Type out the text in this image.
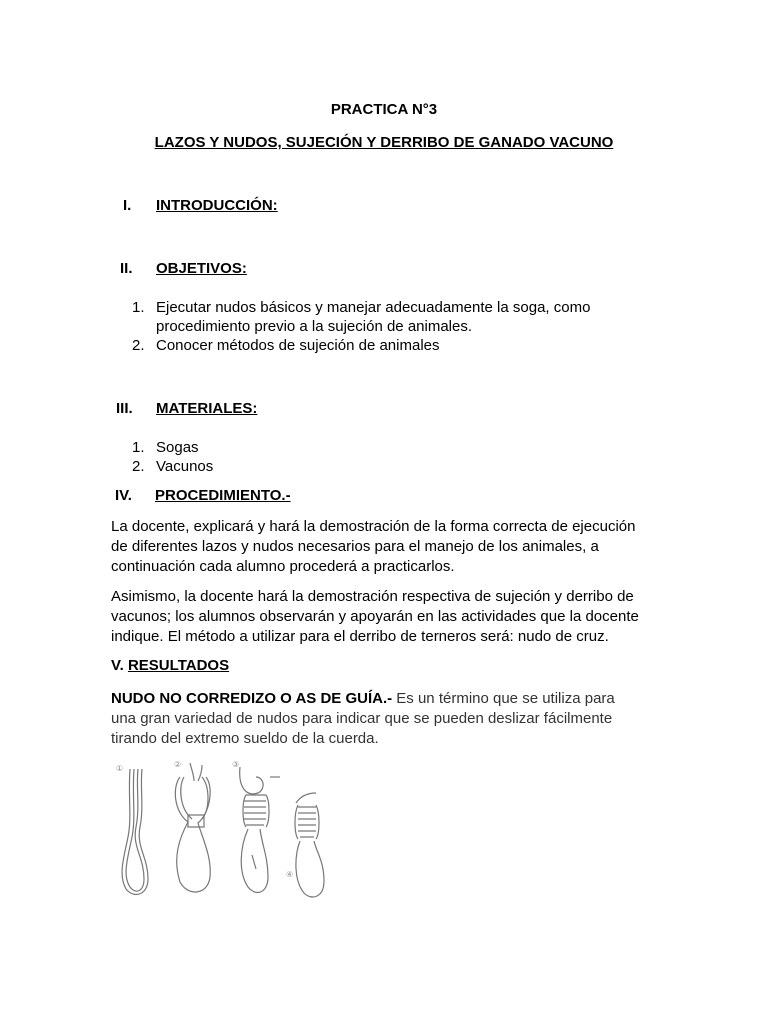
PRACTICA N°3
LAZOS Y NUDOS, SUJECIÓN Y DERRIBO DE GANADO VACUNO
I. INTRODUCCIÓN:
II. OBJETIVOS:
1. Ejecutar nudos básicos y manejar adecuadamente la soga, como
procedimiento previo a la sujeción de animales.
2. Conocer métodos de sujeción de animales
III. MATERIALES:
1. Sogas
2. Vacunos
IV. PROCEDIMIENTO.-
La docente, explicará y hará la demostración de la forma correcta de ejecución
de diferentes lazos y nudos necesarios para el manejo de los animales, a
continuación cada alumno procederá a practicarlos.
Asimismo, la docente hará la demostración respectiva de sujeción y derribo de
vacunos; los alumnos observarán y apoyarán en las actividades que la docente
indique. El método a utilizar para el derribo de terneros será: nudo de cruz.
V. RESULTADOS
NUDO NO CORREDIZO O AS DE GUÍA.- Es un término que se utiliza para
una gran variedad de nudos para indicar que se pueden deslizar fácilmente
tirando del extremo sueldo de la cuerda.
①	②	③
④
